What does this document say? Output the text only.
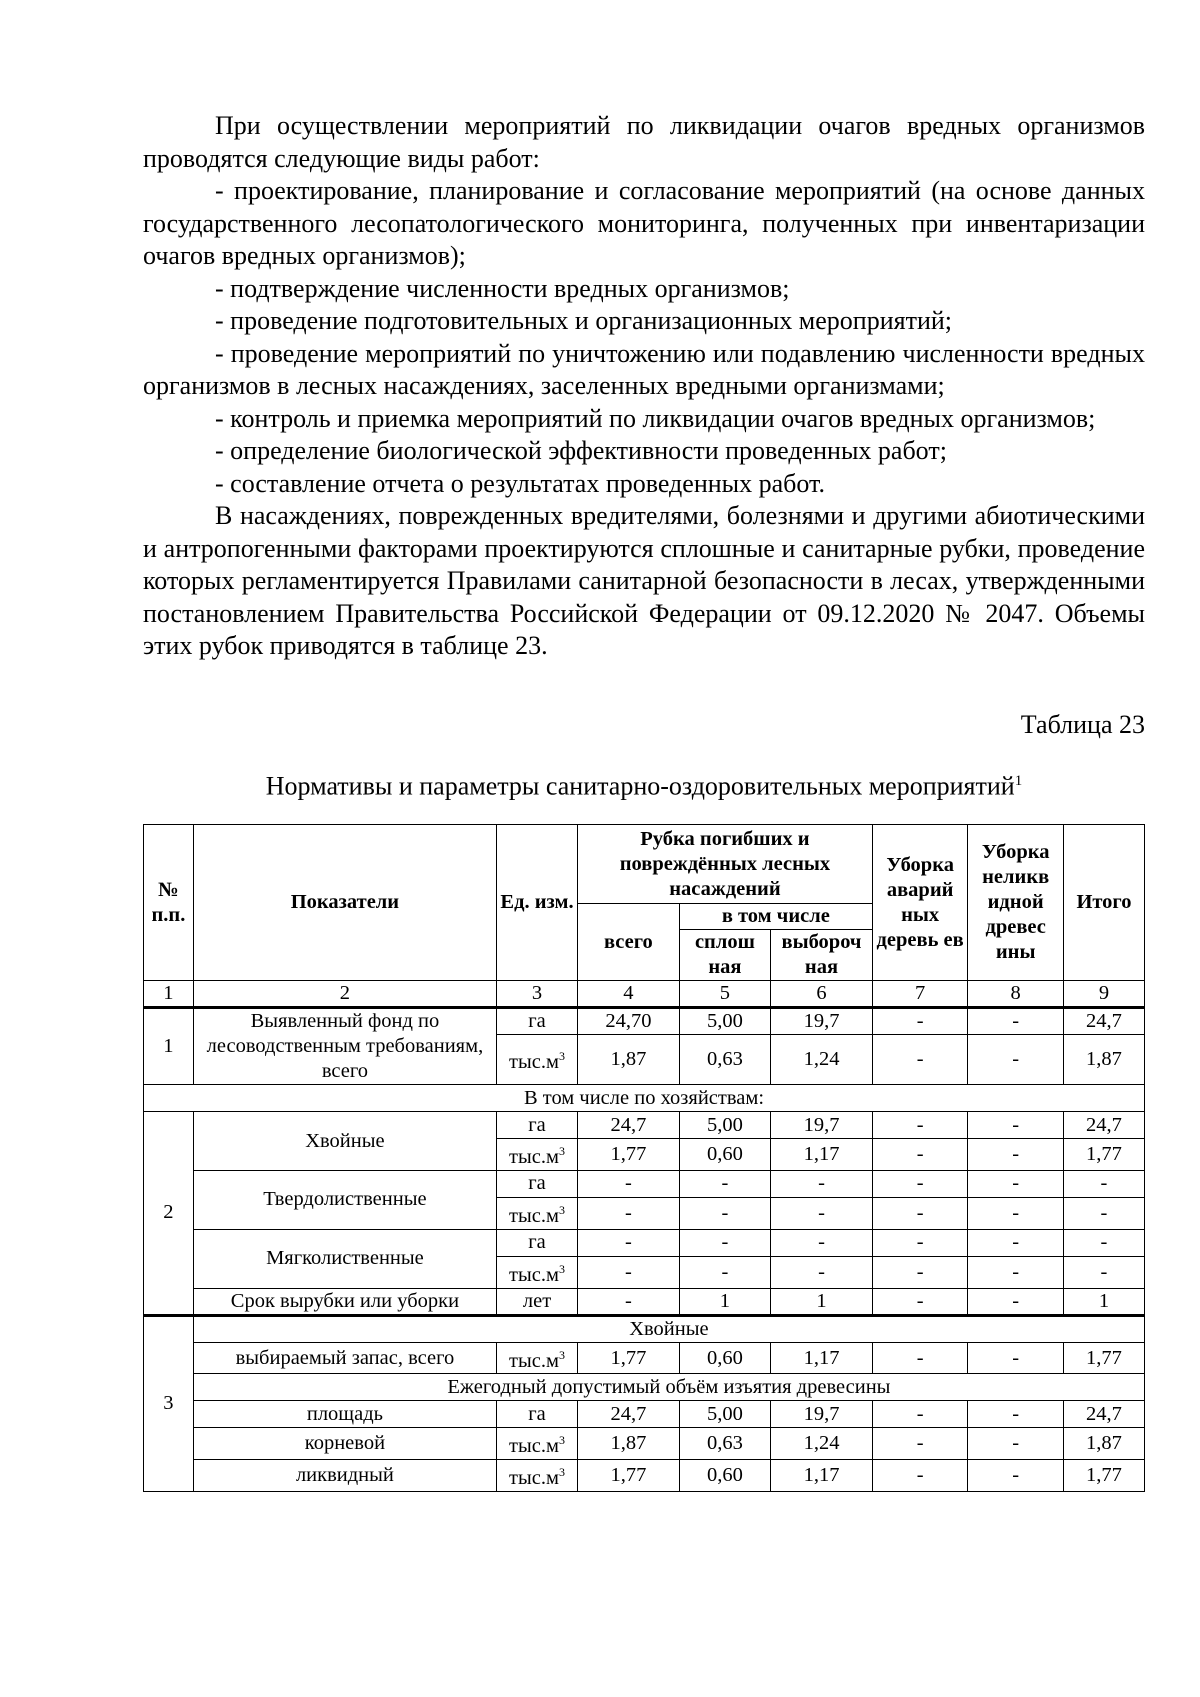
При осуществлении мероприятий по ликвидации очагов вредных организмов проводятся следующие виды работ:

- проектирование, планирование и согласование мероприятий (на основе данных государственного лесопатологического мониторинга, полученных при инвентаризации очагов вредных организмов);

- подтверждение численности вредных организмов;

- проведение подготовительных и организационных мероприятий;

- проведение мероприятий по уничтожению или подавлению численности вредных организмов в лесных насаждениях, заселенных вредными организмами;

- контроль и приемка мероприятий по ликвидации очагов вредных организмов;

- определение биологической эффективности проведенных работ;

- составление отчета о результатах проведенных работ.

В насаждениях, поврежденных вредителями, болезнями и другими абиотическими и антропогенными факторами проектируются сплошные и санитарные рубки, проведение которых регламентируется Правилами санитарной безопасности в лесах, утвержденными постановлением Правительства Российской Федерации от 09.12.2020 № 2047. Объемы этих рубок приводятся в таблице 23.

Таблица 23
Нормативы и параметры санитарно-оздоровительных мероприятий$^1$
№ п.п.	Показатели	Ед. изм.	Рубка погибших и повреждённых лесных насаждений			Уборка аварий ных деревь ев	Уборка неликв идной древес ины	Итого
			всего	в том числе				
				сплош ная	выбороч ная			
1	2	3	4	5	6	7	8	9
1	Выявленный фонд по лесоводственным требованиям, всего	га	24,70	5,00	19,7	-	-	24,7
		$тыс.м^3$	1,87	0,63	1,24	-	-	1,87
В том числе по хозяйствам:								
2	Хвойные	га	24,7	5,00	19,7	-	-	24,7
		$тыс.м^3$	1,77	0,60	1,17	-	-	1,77
	Твердолиственные	га	-	-	-	-	-	-
		$тыс.м^3$	-	-	-	-	-	-
	Мягколиственные	га	-	-	-	-	-	-
		$тыс.м^3$	-	-	-	-	-	-
	Срок вырубки или уборки	лет	-	1	1	-	-	1
3	Хвойные							
	выбираемый запас, всего	$тыс.м^3$	1,77	0,60	1,17	-	-	1,77
	Ежегодный допустимый объём изъятия древесины							
	площадь	га	24,7	5,00	19,7	-	-	24,7
	корневой	$тыс.м^3$	1,87	0,63	1,24	-	-	1,87
	ликвидный	$тыс.м^3$	1,77	0,60	1,17	-	-	1,77
